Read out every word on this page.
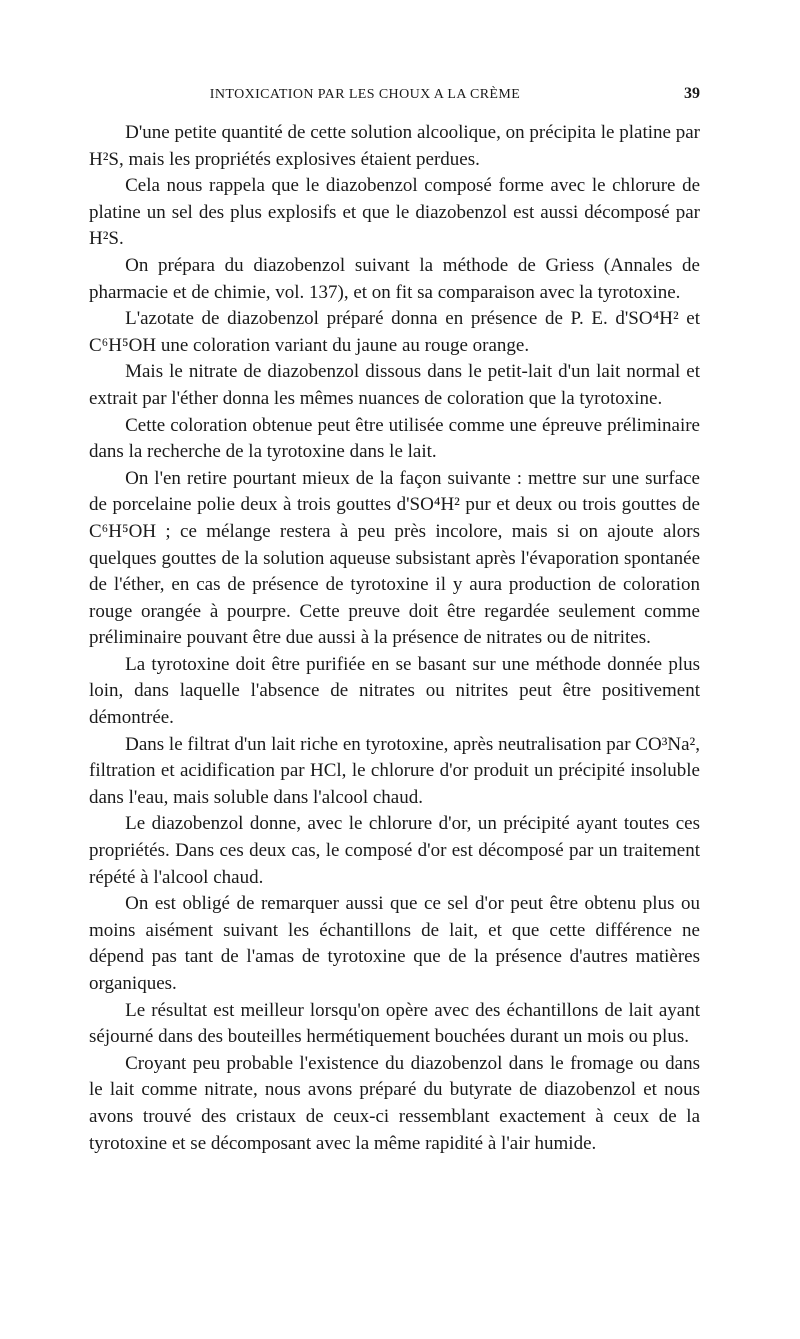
INTOXICATION PAR LES CHOUX A LA CRÈME	39

D'une petite quantité de cette solution alcoolique, on précipita le platine par H²S, mais les propriétés explosives étaient perdues.

Cela nous rappela que le diazobenzol composé forme avec le chlorure de platine un sel des plus explosifs et que le diazobenzol est aussi décomposé par H²S.

On prépara du diazobenzol suivant la méthode de Griess (Annales de pharmacie et de chimie, vol. 137), et on fit sa comparaison avec la tyrotoxine.

L'azotate de diazobenzol préparé donna en présence de P. E. d'SO⁴H² et C⁶H⁵OH une coloration variant du jaune au rouge orange.

Mais le nitrate de diazobenzol dissous dans le petit-lait d'un lait normal et extrait par l'éther donna les mêmes nuances de coloration que la tyrotoxine.

Cette coloration obtenue peut être utilisée comme une épreuve préliminaire dans la recherche de la tyrotoxine dans le lait.

On l'en retire pourtant mieux de la façon suivante : mettre sur une surface de porcelaine polie deux à trois gouttes d'SO⁴H² pur et deux ou trois gouttes de C⁶H⁵OH ; ce mélange restera à peu près incolore, mais si on ajoute alors quelques gouttes de la solution aqueuse subsistant après l'évaporation spontanée de l'éther, en cas de présence de tyrotoxine il y aura production de coloration rouge orangée à pourpre. Cette preuve doit être regardée seulement comme préliminaire pouvant être due aussi à la présence de nitrates ou de nitrites.

La tyrotoxine doit être purifiée en se basant sur une méthode donnée plus loin, dans laquelle l'absence de nitrates ou nitrites peut être positivement démontrée.

Dans le filtrat d'un lait riche en tyrotoxine, après neutralisation par CO³Na², filtration et acidification par HCl, le chlorure d'or produit un précipité insoluble dans l'eau, mais soluble dans l'alcool chaud.

Le diazobenzol donne, avec le chlorure d'or, un précipité ayant toutes ces propriétés. Dans ces deux cas, le composé d'or est décomposé par un traitement répété à l'alcool chaud.

On est obligé de remarquer aussi que ce sel d'or peut être obtenu plus ou moins aisément suivant les échantillons de lait, et que cette différence ne dépend pas tant de l'amas de tyrotoxine que de la présence d'autres matières organiques.

Le résultat est meilleur lorsqu'on opère avec des échantillons de lait ayant séjourné dans des bouteilles hermétiquement bouchées durant un mois ou plus.

Croyant peu probable l'existence du diazobenzol dans le fromage ou dans le lait comme nitrate, nous avons préparé du butyrate de diazobenzol et nous avons trouvé des cristaux de ceux-ci ressemblant exactement à ceux de la tyrotoxine et se décomposant avec la même rapidité à l'air humide.
